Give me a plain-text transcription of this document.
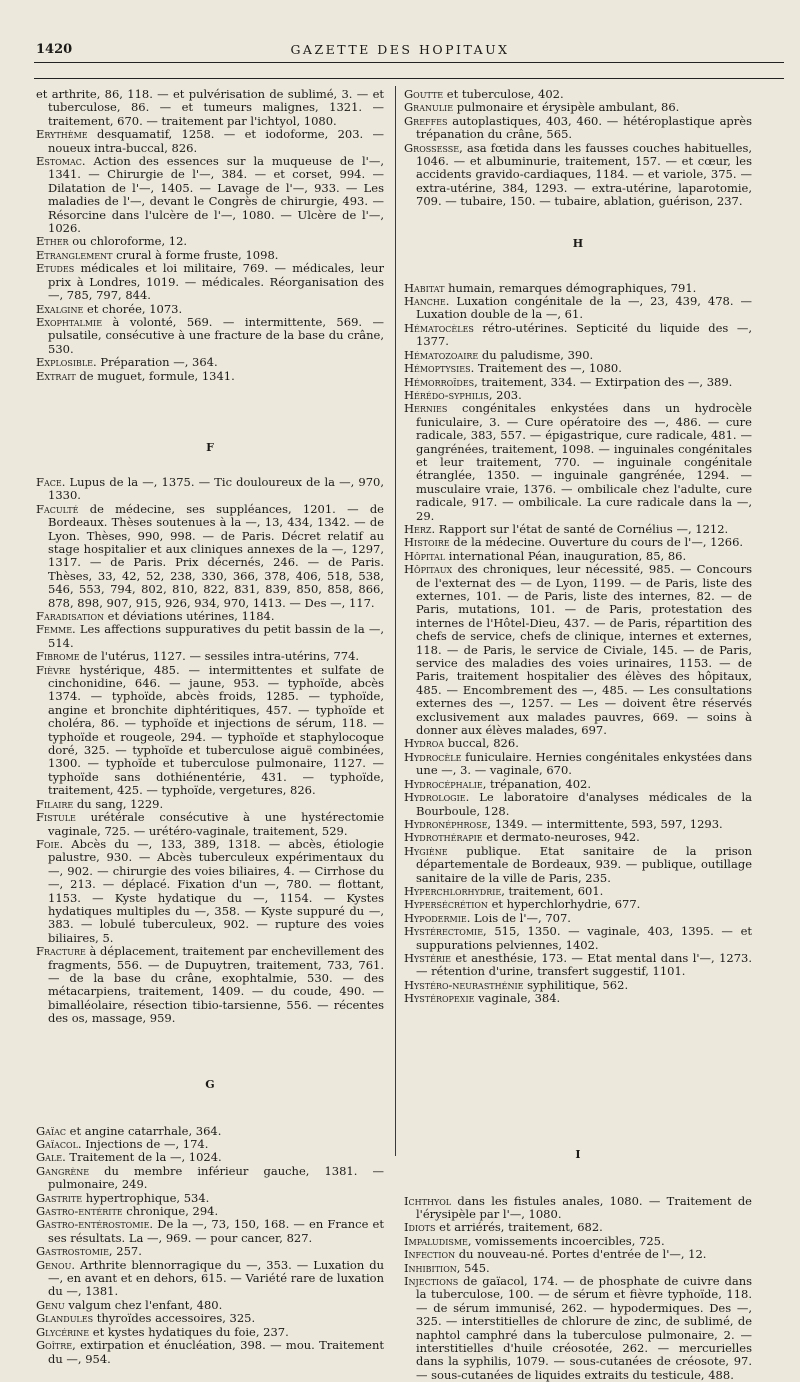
1420	GAZETTE DES HOPITAUX

et arthrite, 86, 118. — et pulvérisation de sublimé, 3. — et tuberculose, 86. — et tumeurs malignes, 1321. — traitement, 670. — traitement par l'ichtyol, 1080.

Erythème desquamatif, 1258. — et iodoforme, 203. — noueux intra-buccal, 826.

Estomac. Action des essences sur la muqueuse de l'—, 1341. — Chirurgie de l'—, 384. — et corset, 994. — Dilatation de l'—, 1405. — Lavage de l'—, 933. — Les maladies de l'—, devant le Congrès de chirurgie, 493. — Résorcine dans l'ulcère de l'—, 1080. — Ulcère de l'—, 1026.

Ether ou chloroforme, 12.

Etranglement crural à forme fruste, 1098.

Etudes médicales et loi militaire, 769. — médicales, leur prix à Londres, 1019. — médicales. Réorganisation des —, 785, 797, 844.

Exalgine et chorée, 1073.

Exophtalmie à volonté, 569. — intermittente, 569. — pulsatile, consécutive à une fracture de la base du crâne, 530.

Explosible. Préparation —, 364.

Extrait de muguet, formule, 1341.

F

Face. Lupus de la —, 1375. — Tic douloureux de la —, 970, 1330.

Faculté de médecine, ses suppléances, 1201. — de Bordeaux. Thèses soutenues à la —, 13, 434, 1342. — de Lyon. Thèses, 990, 998. — de Paris. Décret relatif au stage hospitalier et aux cliniques annexes de la —, 1297, 1317. — de Paris. Prix décernés, 246. — de Paris. Thèses, 33, 42, 52, 238, 330, 366, 378, 406, 518, 538, 546, 553, 794, 802, 810, 822, 831, 839, 850, 858, 866, 878, 898, 907, 915, 926, 934, 970, 1413. — Des —, 117.

Faradisation et déviations utérines, 1184.

Femme. Les affections suppuratives du petit bassin de la —, 514.

Fibrome de l'utérus, 1127. — sessiles intra-utérins, 774.

Fièvre hystérique, 485. — intermittentes et sulfate de cinchonidine, 646. — jaune, 953. — typhoïde, abcès 1374. — typhoïde, abcès froids, 1285. — typhoïde, angine et bronchite diphtéritiques, 457. — typhoïde et choléra, 86. — typhoïde et injections de sérum, 118. — typhoïde et rougeole, 294. — typhoïde et staphylocoque doré, 325. — typhoïde et tuberculose aiguë combinées, 1300. — typhoïde et tuberculose pulmonaire, 1127. — typhoïde sans dothiénentérie, 431. — typhoïde, traitement, 425. — typhoïde, vergetures, 826.

Filaire du sang, 1229.

Fistule urétérale consécutive à une hystérectomie vaginale, 725. — urétéro-vaginale, traitement, 529.

Foie. Abcès du —, 133, 389, 1318. — abcès, étiologie palustre, 930. — Abcès tuberculeux expérimentaux du —, 902. — chirurgie des voies biliaires, 4. — Cirrhose du —, 213. — déplacé. Fixation d'un —, 780. — flottant, 1153. — Kyste hydatique du —, 1154. — Kystes hydatiques multiples du —, 358. — Kyste suppuré du —, 383. — lobulé tuberculeux, 902. — rupture des voies biliaires, 5.

Fracture à déplacement, traitement par enchevillement des fragments, 556. — de Dupuytren, traitement, 733, 761. — de la base du crâne, exophtalmie, 530. — des métacarpiens, traitement, 1409. — du coude, 490. — bimalléolaire, résection tibio-tarsienne, 556. — récentes des os, massage, 959.

G

Gaïac et angine catarrhale, 364.

Gaïacol. Injections de —, 174.

Gale. Traitement de la —, 1024.

Gangrène du membre inférieur gauche, 1381. — pulmonaire, 249.

Gastrite hypertrophique, 534.

Gastro-entérite chronique, 294.

Gastro-entérostomie. De la —, 73, 150, 168. — en France et ses résultats. La —, 969. — pour cancer, 827.

Gastrostomie, 257.

Genou. Arthrite blennorragique du —, 353. — Luxation du —, en avant et en dehors, 615. — Variété rare de luxation du —, 1381.

Genu valgum chez l'enfant, 480.

Glandules thyroïdes accessoires, 325.

Glycérine et kystes hydatiques du foie, 237.

Goître, extirpation et énucléation, 398. — mou. Traitement du —, 954.

Goutte et tuberculose, 402.

Granulie pulmonaire et érysipèle ambulant, 86.

Greffes autoplastiques, 403, 460. — hétéroplastique après trépanation du crâne, 565.

Grossesse, asa fœtida dans les fausses couches habituelles, 1046. — et albuminurie, traitement, 157. — et cœur, les accidents gravido-cardiaques, 1184. — et variole, 375. — extra-utérine, 384, 1293. — extra-utérine, laparotomie, 709. — tubaire, 150. — tubaire, ablation, guérison, 237.

H

Habitat humain, remarques démographiques, 791.

Hanche. Luxation congénitale de la —, 23, 439, 478. — Luxation double de la —, 61.

Hématocèles rétro-utérines. Septicité du liquide des —, 1377.

Hématozoaire du paludisme, 390.

Hémoptysies. Traitement des —, 1080.

Hémorroïdes, traitement, 334. — Extirpation des —, 389.

Hérédo-syphilis, 203.

Hernies congénitales enkystées dans un hydrocèle funiculaire, 3. — Cure opératoire des —, 486. — cure radicale, 383, 557. — épigastrique, cure radicale, 481. — gangrénées, traitement, 1098. — inguinales congénitales et leur traitement, 770. — inguinale congénitale étranglée, 1350. — inguinale gangrénée, 1294. — musculaire vraie, 1376. — ombilicale chez l'adulte, cure radicale, 917. — ombilicale. La cure radicale dans la —, 29.

Herz. Rapport sur l'état de santé de Cornélius —, 1212.

Histoire de la médecine. Ouverture du cours de l'—, 1266.

Hôpital international Péan, inauguration, 85, 86.

Hôpitaux des chroniques, leur nécessité, 985. — Concours de l'externat des — de Lyon, 1199. — de Paris, liste des externes, 101. — de Paris, liste des internes, 82. — de Paris, mutations, 101. — de Paris, protestation des internes de l'Hôtel-Dieu, 437. — de Paris, répartition des chefs de service, chefs de clinique, internes et externes, 118. — de Paris, le service de Civiale, 145. — de Paris, service des maladies des voies urinaires, 1153. — de Paris, traitement hospitalier des élèves des hôpitaux, 485. — Encombrement des —, 485. — Les consultations externes des —, 1257. — Les — doivent être réservés exclusivement aux malades pauvres, 669. — soins à donner aux élèves malades, 697.

Hydroa buccal, 826.

Hydrocèle funiculaire. Hernies congénitales enkystées dans une —, 3. — vaginale, 670.

Hydrocéphalie, trépanation, 402.

Hydrologie. Le laboratoire d'analyses médicales de la Bourboule, 128.

Hydronéphrose, 1349. — intermittente, 593, 597, 1293.

Hydrothérapie et dermato-neuroses, 942.

Hygiène publique. Etat sanitaire de la prison départementale de Bordeaux, 939. — publique, outillage sanitaire de la ville de Paris, 235.

Hyperchlorhydrie, traitement, 601.

Hypersécrétion et hyperchlorhydrie, 677.

Hypodermie. Lois de l'—, 707.

Hystérectomie, 515, 1350. — vaginale, 403, 1395. — et suppurations pelviennes, 1402.

Hystérie et anesthésie, 173. — Etat mental dans l'—, 1273. — rétention d'urine, transfert suggestif, 1101.

Hystéro-neurasthénie syphilitique, 562.

Hystéropexie vaginale, 384.

I

Ichthyol dans les fistules anales, 1080. — Traitement de l'érysipèle par l'—, 1080.

Idiots et arriérés, traitement, 682.

Impaludisme, vomissements incoercibles, 725.

Infection du nouveau-né. Portes d'entrée de l'—, 12.

Inhibition, 545.

Injections de gaïacol, 174. — de phosphate de cuivre dans la tuberculose, 100. — de sérum et fièvre typhoïde, 118. — de sérum immunisé, 262. — hypodermiques. Des —, 325. — interstitielles de chlorure de zinc, de sublimé, de naphtol camphré dans la tuberculose pulmonaire, 2. — interstitielles d'huile créosotée, 262. — mercurielles dans la syphilis, 1079. — sous-cutanées de créosote, 97. — sous-cutanées de liquides extraits du testicule, 488.
